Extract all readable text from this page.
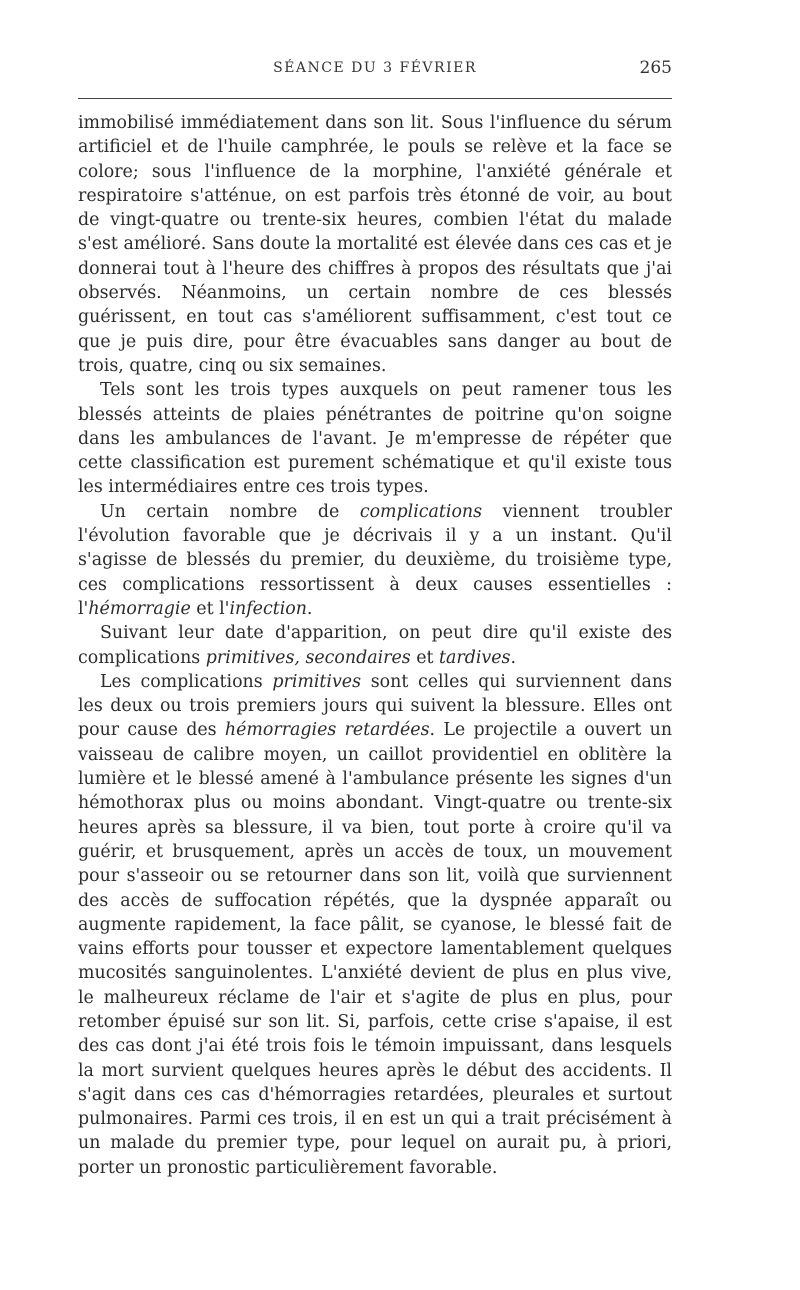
SÉANCE DU 3 FÉVRIER	265

immobilisé immédiatement dans son lit. Sous l'influence du sérum artificiel et de l'huile camphrée, le pouls se relève et la face se colore; sous l'influence de la morphine, l'anxiété générale et respiratoire s'atténue, on est parfois très étonné de voir, au bout de vingt-quatre ou trente-six heures, combien l'état du malade s'est amélioré. Sans doute la mortalité est élevée dans ces cas et je donnerai tout à l'heure des chiffres à propos des résultats que j'ai observés. Néanmoins, un certain nombre de ces blessés guérissent, en tout cas s'améliorent suffisamment, c'est tout ce que je puis dire, pour être évacuables sans danger au bout de trois, quatre, cinq ou six semaines.

Tels sont les trois types auxquels on peut ramener tous les blessés atteints de plaies pénétrantes de poitrine qu'on soigne dans les ambulances de l'avant. Je m'empresse de répéter que cette classification est purement schématique et qu'il existe tous les intermédiaires entre ces trois types.

Un certain nombre de complications viennent troubler l'évolution favorable que je décrivais il y a un instant. Qu'il s'agisse de blessés du premier, du deuxième, du troisième type, ces complications ressortissent à deux causes essentielles : l'hémorragie et l'infection.

Suivant leur date d'apparition, on peut dire qu'il existe des complications primitives, secondaires et tardives.

Les complications primitives sont celles qui surviennent dans les deux ou trois premiers jours qui suivent la blessure. Elles ont pour cause des hémorragies retardées. Le projectile a ouvert un vaisseau de calibre moyen, un caillot providentiel en oblitère la lumière et le blessé amené à l'ambulance présente les signes d'un hémothorax plus ou moins abondant. Vingt-quatre ou trente-six heures après sa blessure, il va bien, tout porte à croire qu'il va guérir, et brusquement, après un accès de toux, un mouvement pour s'asseoir ou se retourner dans son lit, voilà que surviennent des accès de suffocation répétés, que la dyspnée apparaît ou augmente rapidement, la face pâlit, se cyanose, le blessé fait de vains efforts pour tousser et expectore lamentablement quelques mucosités sanguinolentes. L'anxiété devient de plus en plus vive, le malheureux réclame de l'air et s'agite de plus en plus, pour retomber épuisé sur son lit. Si, parfois, cette crise s'apaise, il est des cas dont j'ai été trois fois le témoin impuissant, dans lesquels la mort survient quelques heures après le début des accidents. Il s'agit dans ces cas d'hémorragies retardées, pleurales et surtout pulmonaires. Parmi ces trois, il en est un qui a trait précisément à un malade du premier type, pour lequel on aurait pu, à priori, porter un pronostic particulièrement favorable.
